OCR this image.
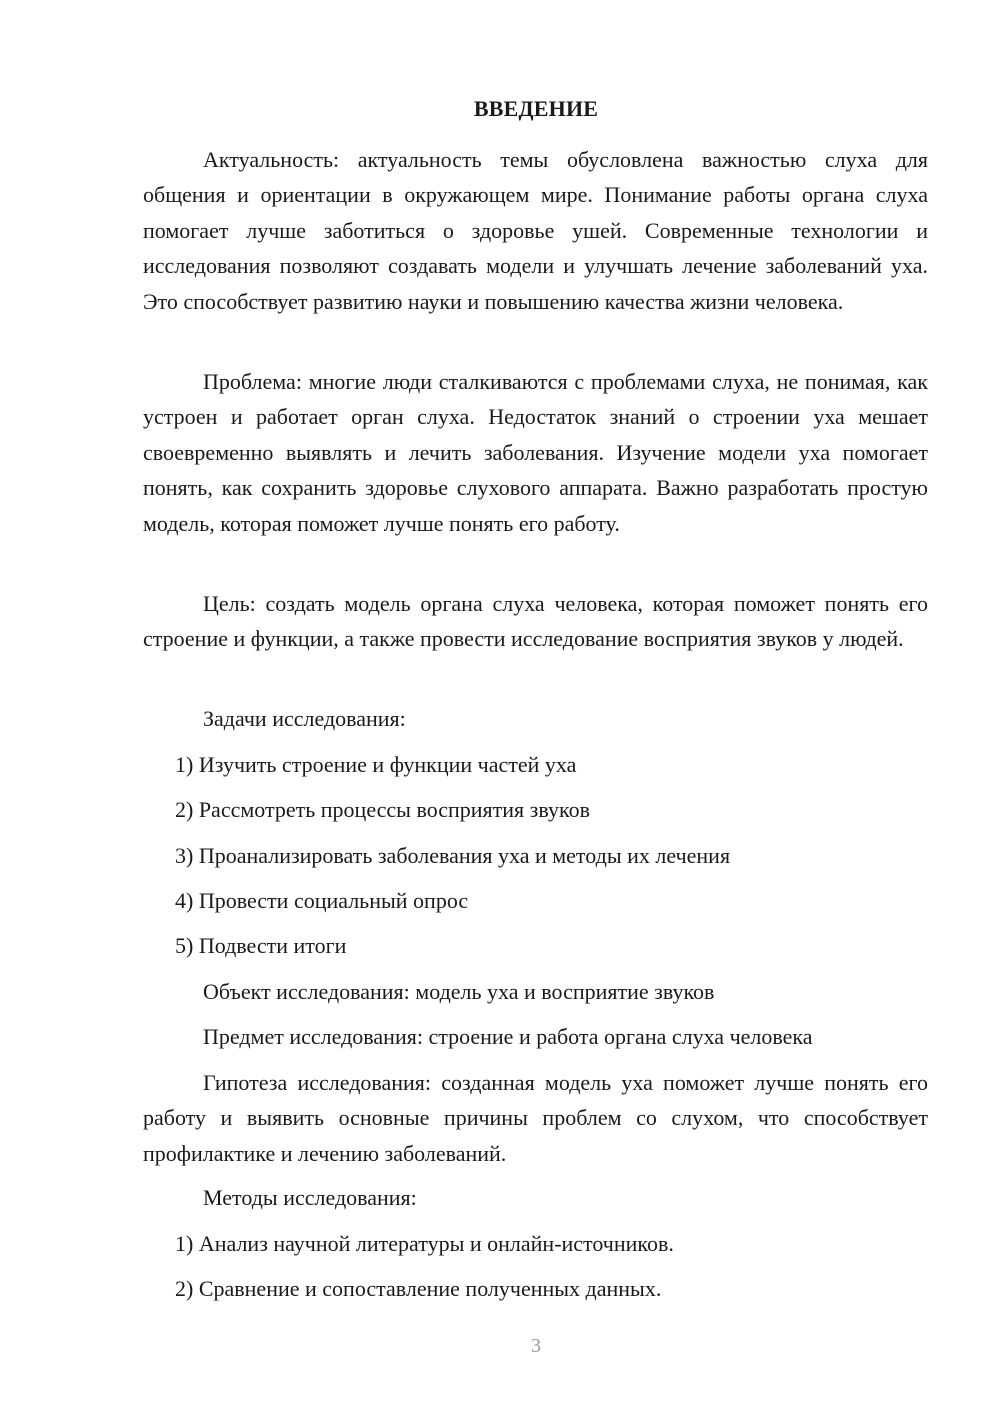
ВВЕДЕНИЕ

Актуальность: актуальность темы обусловлена важностью слуха для общения и ориентации в окружающем мире. Понимание работы органа слуха помогает лучше заботиться о здоровье ушей. Современные технологии и исследования позволяют создавать модели и улучшать лечение заболеваний уха. Это способствует развитию науки и повышению качества жизни человека.

Проблема: многие люди сталкиваются с проблемами слуха, не понимая, как устроен и работает орган слуха. Недостаток знаний о строении уха мешает своевременно выявлять и лечить заболевания. Изучение модели уха помогает понять, как сохранить здоровье слухового аппарата. Важно разработать простую модель, которая поможет лучше понять его работу.

Цель: создать модель органа слуха человека, которая поможет понять его строение и функции, а также провести исследование восприятия звуков у людей.

Задачи исследования:

1) Изучить строение и функции частей уха

2) Рассмотреть процессы восприятия звуков

3) Проанализировать заболевания уха и методы их лечения

4) Провести социальный опрос

5) Подвести итоги

Объект исследования: модель уха и восприятие звуков

Предмет исследования: строение и работа органа слуха человека

Гипотеза исследования: созданная модель уха поможет лучше понять его работу и выявить основные причины проблем со слухом, что способствует профилактике и лечению заболеваний.

Методы исследования:

1) Анализ научной литературы и онлайн-источников.

2) Сравнение и сопоставление полученных данных.

3
